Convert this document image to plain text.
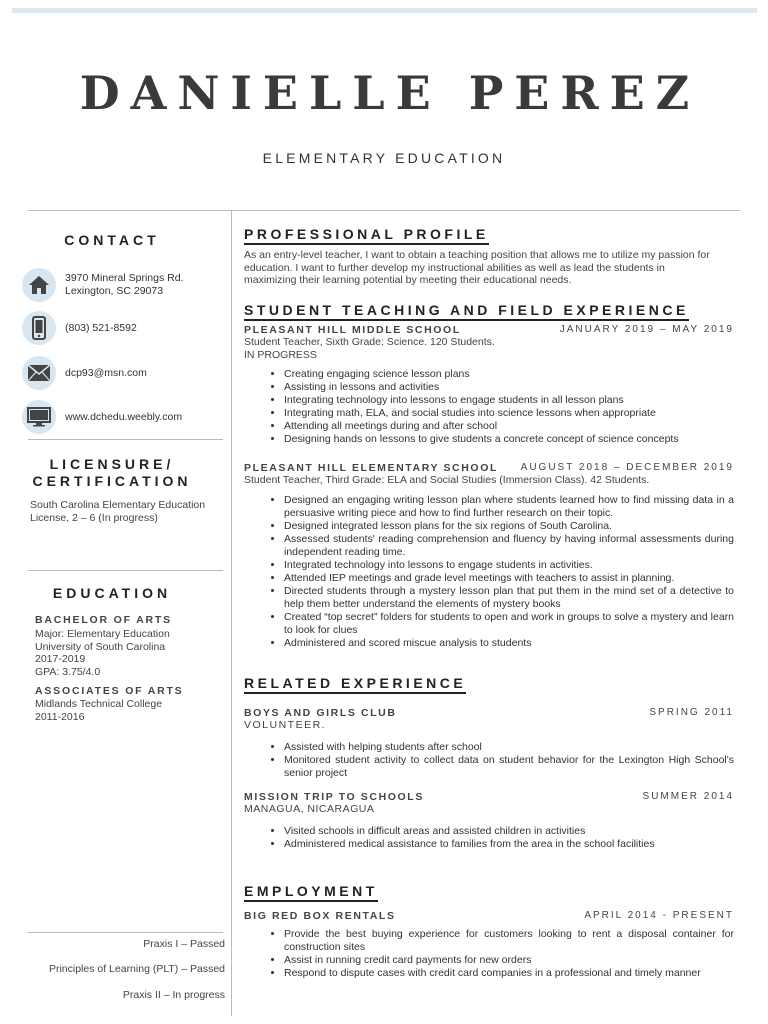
DANIELLE PEREZ
ELEMENTARY EDUCATION
CONTACT
3970 Mineral Springs Rd.
Lexington, SC 29073
(803) 521-8592
dcp93@msn.com
www.dchedu.weebly.com
LICENSURE/
CERTIFICATION
South Carolina Elementary Education
License, 2 – 6 (In progress)
EDUCATION
BACHELOR OF ARTS
Major: Elementary Education
University of South Carolina
2017-2019
GPA: 3.75/4.0
ASSOCIATES OF ARTS
Midlands Technical College
2011-2016
Praxis I – Passed
Principles of Learning (PLT) – Passed
Praxis II – In progress
PROFESSIONAL PROFILE
As an entry-level teacher, I want to obtain a teaching position that allows me to utilize my passion for education. I want to further develop my instructional abilities as well as lead the students in maximizing their learning potential by meeting their educational needs.
STUDENT TEACHING AND FIELD EXPERIENCE
PLEASANT HILL MIDDLE SCHOOL	JANUARY 2019 – MAY 2019
Student Teacher, Sixth Grade: Science. 120 Students.
IN PROGRESS
• Creating engaging science lesson plans
• Assisting in lessons and activities
• Integrating technology into lessons to engage students in all lesson plans
• Integrating math, ELA, and social studies into science lessons when appropriate
• Attending all meetings during and after school
• Designing hands on lessons to give students a concrete concept of science concepts
PLEASANT HILL ELEMENTARY SCHOOL AUGUST 2018 – DECEMBER 2019
Student Teacher, Third Grade: ELA and Social Studies (Immersion Class). 42 Students.
• Designed an engaging writing lesson plan where students learned how to find missing data in a persuasive writing piece and how to find further research on their topic.
• Designed integrated lesson plans for the six regions of South Carolina.
• Assessed students' reading comprehension and fluency by having informal assessments during independent reading time.
• Integrated technology into lessons to engage students in activities.
• Attended IEP meetings and grade level meetings with teachers to assist in planning.
• Directed students through a mystery lesson plan that put them in the mind set of a detective to help them better understand the elements of mystery books
• Created “top secret” folders for students to open and work in groups to solve a mystery and learn to look for clues
• Administered and scored miscue analysis to students
RELATED EXPERIENCE
BOYS AND GIRLS CLUB	SPRING 2011
VOLUNTEER.
• Assisted with helping students after school
• Monitored student activity to collect data on student behavior for the Lexington High School's senior project
MISSION TRIP TO SCHOOLS	SUMMER 2014
MANAGUA, NICARAGUA
• Visited schools in difficult areas and assisted children in activities
• Administered medical assistance to families from the area in the school facilities
EMPLOYMENT
BIG RED BOX RENTALS	APRIL 2014 - PRESENT
• Provide the best buying experience for customers looking to rent a disposal container for construction sites
• Assist in running credit card payments for new orders
• Respond to dispute cases with credit card companies in a professional and timely manner
